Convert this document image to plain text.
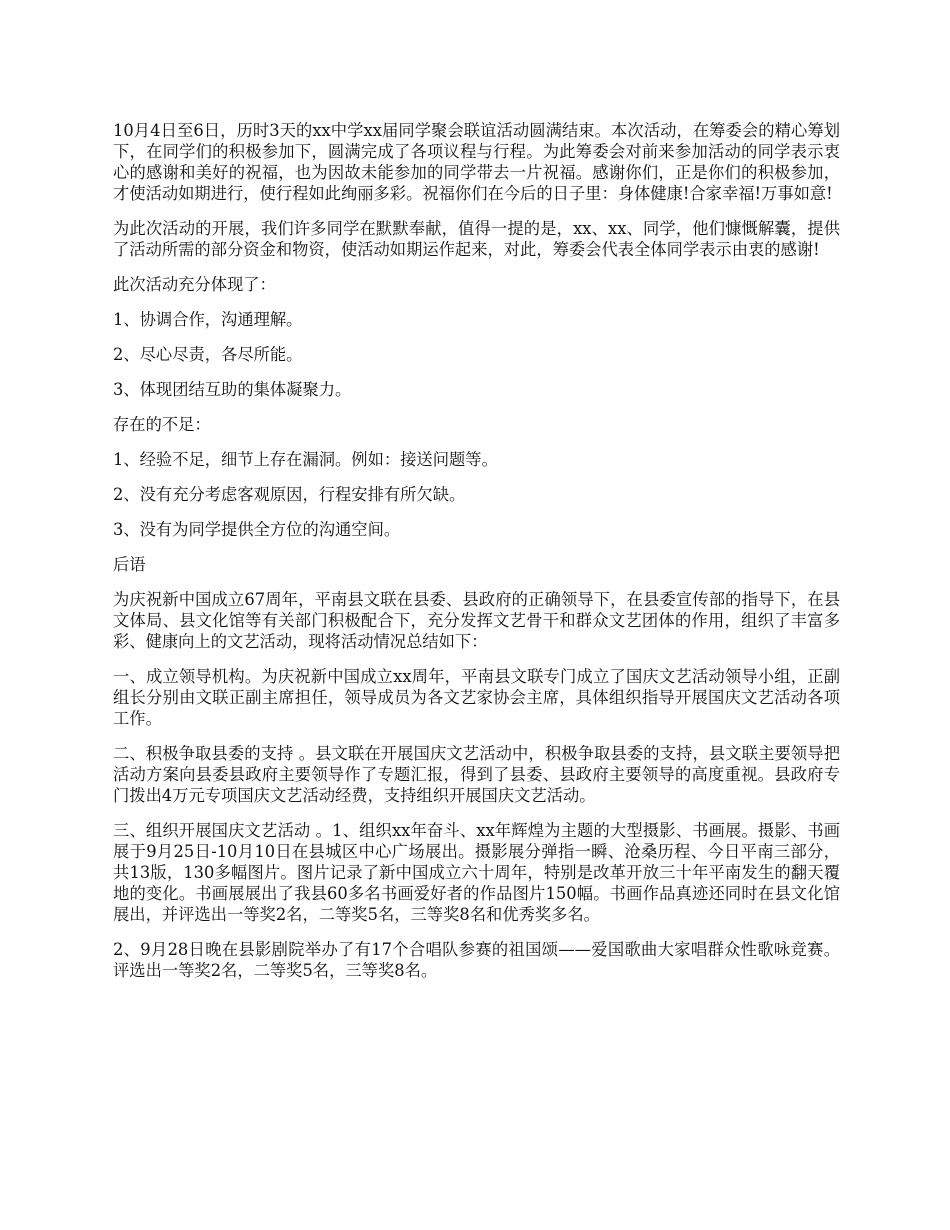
10月4日至6日，历时3天的xx中学xx届同学聚会联谊活动圆满结束。本次活动，在筹委会的精心筹划下，在同学们的积极参加下，圆满完成了各项议程与行程。为此筹委会对前来参加活动的同学表示衷心的感谢和美好的祝福，也为因故未能参加的同学带去一片祝福。感谢你们，正是你们的积极参加，才使活动如期进行，使行程如此绚丽多彩。祝福你们在今后的日子里：身体健康!合家幸福!万事如意!

为此次活动的开展，我们许多同学在默默奉献，值得一提的是，xx、xx、同学，他们慷慨解囊，提供了活动所需的部分资金和物资，使活动如期运作起来，对此，筹委会代表全体同学表示由衷的感谢!

此次活动充分体现了：

1、协调合作，沟通理解。

2、尽心尽责，各尽所能。

3、体现团结互助的集体凝聚力。

存在的不足：

1、经验不足，细节上存在漏洞。例如：接送问题等。

2、没有充分考虑客观原因，行程安排有所欠缺。

3、没有为同学提供全方位的沟通空间。

后语

为庆祝新中国成立67周年，平南县文联在县委、县政府的正确领导下，在县委宣传部的指导下，在县文体局、县文化馆等有关部门积极配合下，充分发挥文艺骨干和群众文艺团体的作用，组织了丰富多彩、健康向上的文艺活动，现将活动情况总结如下：

一、成立领导机构。为庆祝新中国成立xx周年，平南县文联专门成立了国庆文艺活动领导小组，正副组长分别由文联正副主席担任，领导成员为各文艺家协会主席，具体组织指导开展国庆文艺活动各项工作。

二、积极争取县委的支持 。县文联在开展国庆文艺活动中，积极争取县委的支持，县文联主要领导把活动方案向县委县政府主要领导作了专题汇报，得到了县委、县政府主要领导的高度重视。县政府专门拨出4万元专项国庆文艺活动经费，支持组织开展国庆文艺活动。

三、组织开展国庆文艺活动 。1、组织xx年奋斗、xx年辉煌为主题的大型摄影、书画展。摄影、书画展于9月25日-10月10日在县城区中心广场展出。摄影展分弹指一瞬、沧桑历程、今日平南三部分，共13版，130多幅图片。图片记录了新中国成立六十周年，特别是改革开放三十年平南发生的翻天覆地的变化。书画展展出了我县60多名书画爱好者的作品图片150幅。书画作品真迹还同时在县文化馆展出，并评选出一等奖2名，二等奖5名，三等奖8名和优秀奖多名。

2、9月28日晚在县影剧院举办了有17个合唱队参赛的祖国颂——爱国歌曲大家唱群众性歌咏竞赛。评选出一等奖2名，二等奖5名，三等奖8名。
